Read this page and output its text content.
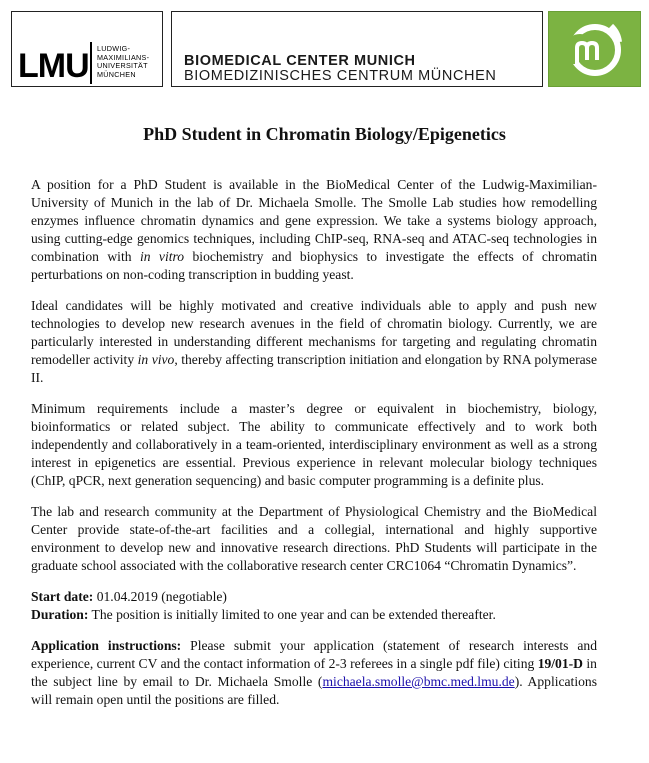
LMU LUDWIG-
MAXIMILIANS-
UNIVERSITÄT
MÜNCHEN
BIOMEDICAL CENTER MUNICH
BIOMEDIZINISCHES CENTRUM MÜNCHEN
PhD Student in Chromatin Biology/Epigenetics

A position for a PhD Student is available in the BioMedical Center of the Ludwig-Maximilian-University of Munich in the lab of Dr. Michaela Smolle. The Smolle Lab studies how remodelling enzymes influence chromatin dynamics and gene expression. We take a systems biology approach, using cutting-edge genomics techniques, including ChIP-seq, RNA-seq and ATAC-seq technologies in combination with in vitro biochemistry and biophysics to investigate the effects of chromatin perturbations on non-coding transcription in budding yeast.

Ideal candidates will be highly motivated and creative individuals able to apply and push new technologies to develop new research avenues in the field of chromatin biology. Currently, we are particularly interested in understanding different mechanisms for targeting and regulating chromatin remodeller activity in vivo, thereby affecting transcription initiation and elongation by RNA polymerase II.

Minimum requirements include a master’s degree or equivalent in biochemistry, biology, bioinformatics or related subject. The ability to communicate effectively and to work both independently and collaboratively in a team-oriented, interdisciplinary environment as well as a strong interest in epigenetics are essential. Previous experience in relevant molecular biology techniques (ChIP, qPCR, next generation sequencing) and basic computer programming is a definite plus.

The lab and research community at the Department of Physiological Chemistry and the BioMedical Center provide state-of-the-art facilities and a collegial, international and highly supportive environment to develop new and innovative research directions. PhD Students will participate in the graduate school associated with the collaborative research center CRC1064 “Chromatin Dynamics”.

Start date: 01.04.2019 (negotiable)

Duration: The position is initially limited to one year and can be extended thereafter.

Application instructions: Please submit your application (statement of research interests and experience, current CV and the contact information of 2-3 referees in a single pdf file) citing 19/01-D in the subject line by email to Dr. Michaela Smolle (michaela.smolle@bmc.med.lmu.de). Applications will remain open until the positions are filled.
